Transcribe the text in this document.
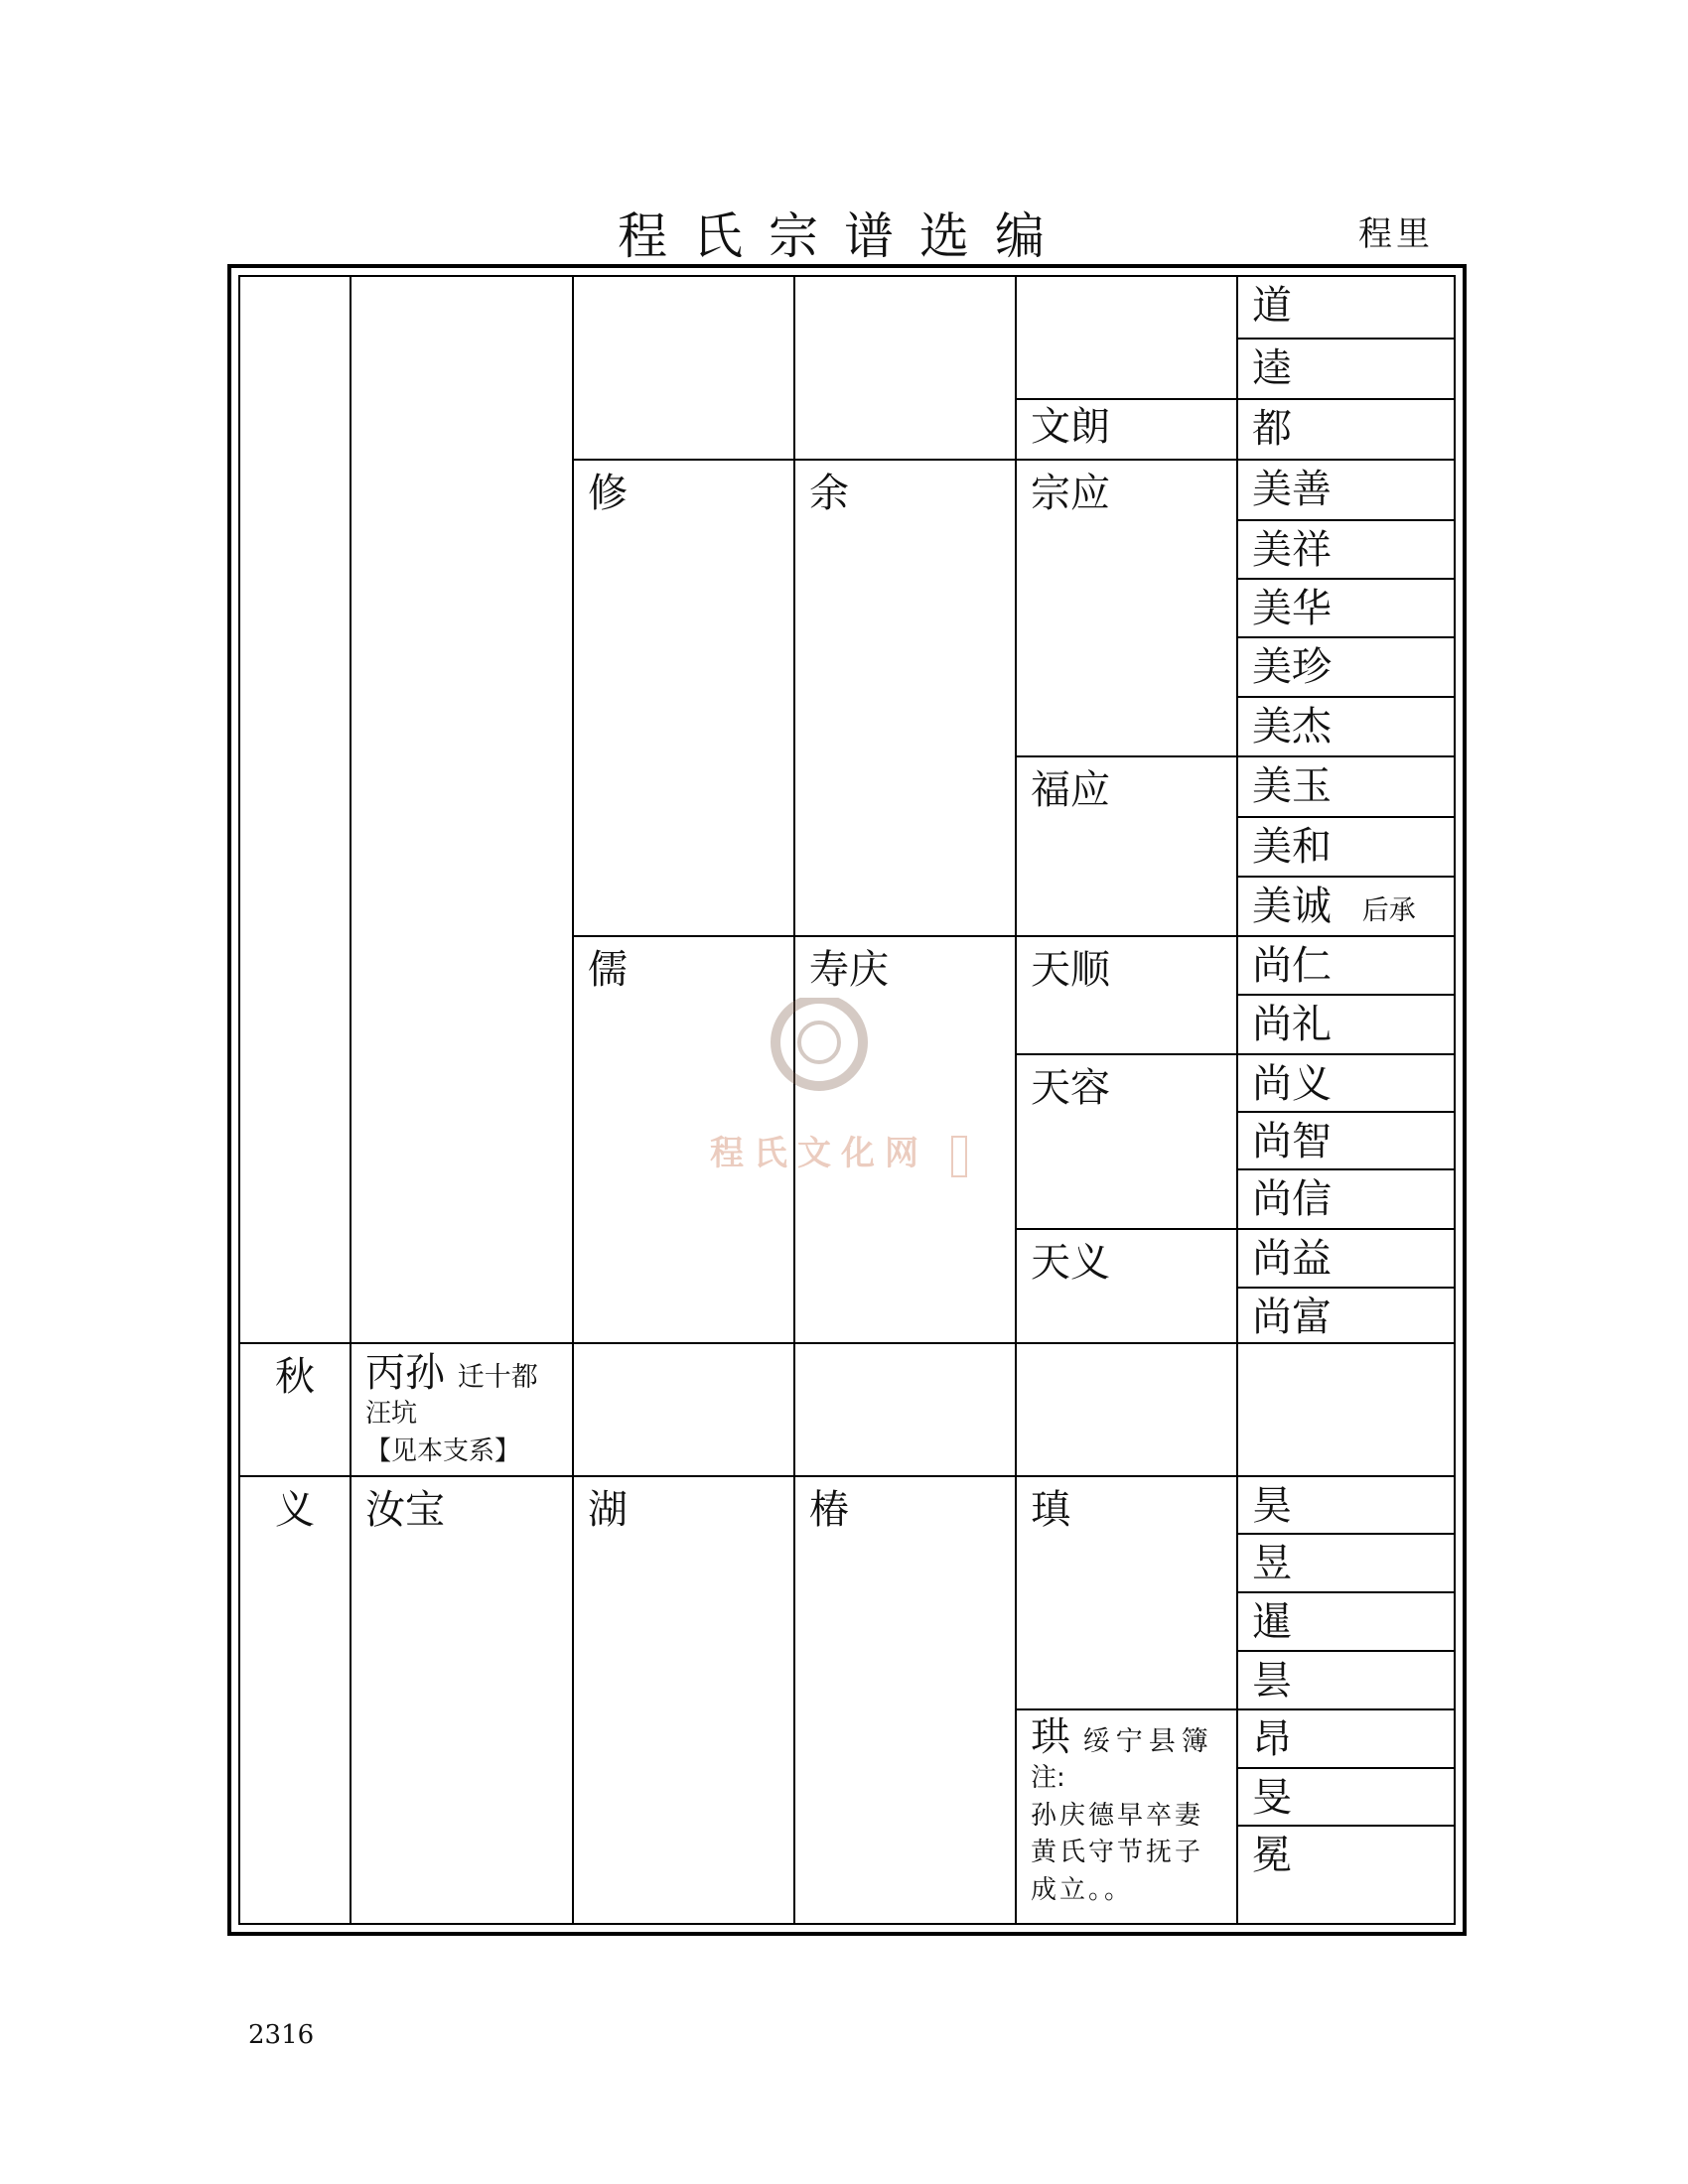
程氏宗谱选编	程里
秋
义
丙孙 迁十都
汪坑
【见本支系】
汝宝
修
儒
湖
余
寿庆
椿
文朗
宗应
福应
天顺
天容
天义
瑱
珙 绥宁县簿
注:
孙庆德早卒妻黄氏守节抚子成立。。
道
逵
都
美善
美祥
美华
美珍
美杰
美玉
美和
美诚 后承
尚仁
尚礼
尚义
尚智
尚信
尚益
尚富
昊
昱
暹
昙
昂
旻
冕
程氏文化网
2316
